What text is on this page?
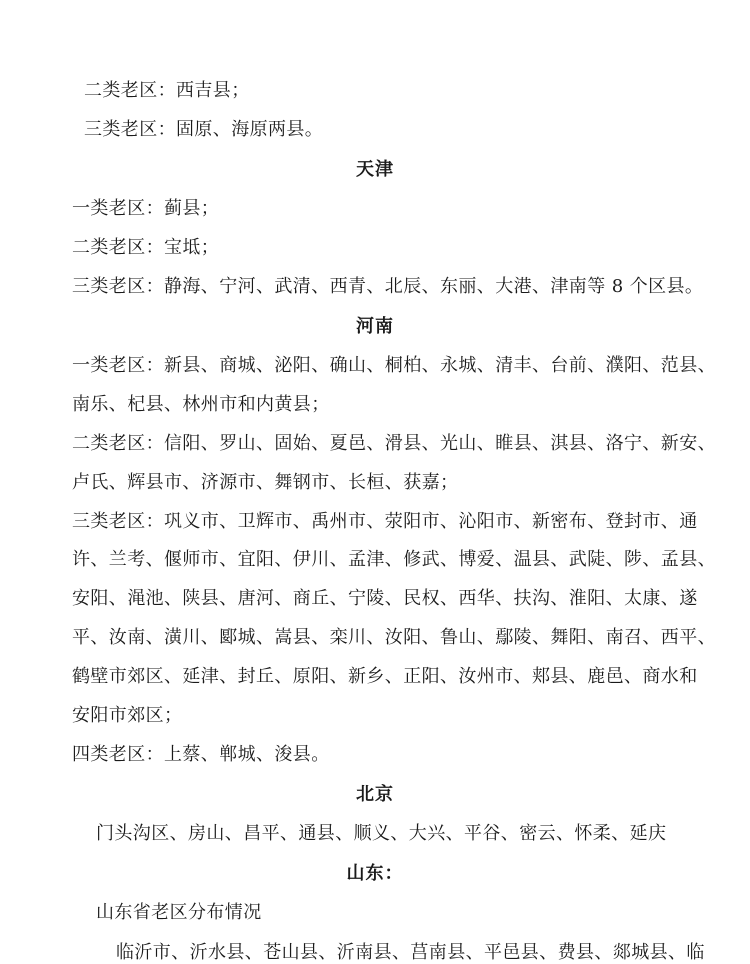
二类老区：西吉县；
三类老区：固原、海原两县。
天津
一类老区：蓟县；
二类老区：宝坻；
三类老区：静海、宁河、武清、西青、北辰、东丽、大港、津南等 8 个区县。
河南
一类老区：新县、商城、泌阳、确山、桐柏、永城、清丰、台前、濮阳、范县、
南乐、杞县、林州市和内黄县；
二类老区：信阳、罗山、固始、夏邑、滑县、光山、睢县、淇县、洛宁、新安、
卢氏、辉县市、济源市、舞钢市、长桓、获嘉；
三类老区：巩义市、卫辉市、禹州市、荥阳市、沁阳市、新密布、登封市、通
许、兰考、偃师市、宜阳、伊川、孟津、修武、博爱、温县、武陡、陟、孟县、
安阳、渑池、陕县、唐河、商丘、宁陵、民权、西华、扶沟、淮阳、太康、遂
平、汝南、潢川、郾城、嵩县、栾川、汝阳、鲁山、鄢陵、舞阳、南召、西平、
鹤壁市郊区、延津、封丘、原阳、新乡、正阳、汝州市、郏县、鹿邑、商水和
安阳市郊区；
四类老区：上蔡、郸城、浚县。
北京
门头沟区、房山、昌平、通县、顺义、大兴、平谷、密云、怀柔、延庆
山东：
山东省老区分布情况
临沂市、沂水县、苍山县、沂南县、莒南县、平邑县、费县、郯城县、临
